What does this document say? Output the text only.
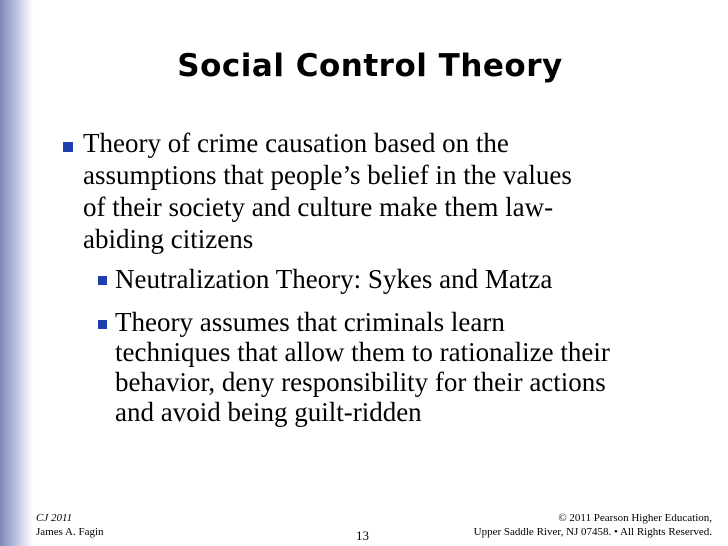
Social Control Theory
Theory of crime causation based on the
assumptions that people’s belief in the values
of their society and culture make them law-
abiding citizens
Neutralization Theory: Sykes and Matza
Theory assumes that criminals learn
techniques that allow them to rationalize their
behavior, deny responsibility for their actions
and avoid being guilt-ridden
CJ 2011
James A. Fagin	13
© 2011 Pearson Higher Education,
Upper Saddle River, NJ 07458. • All Rights Reserved.
